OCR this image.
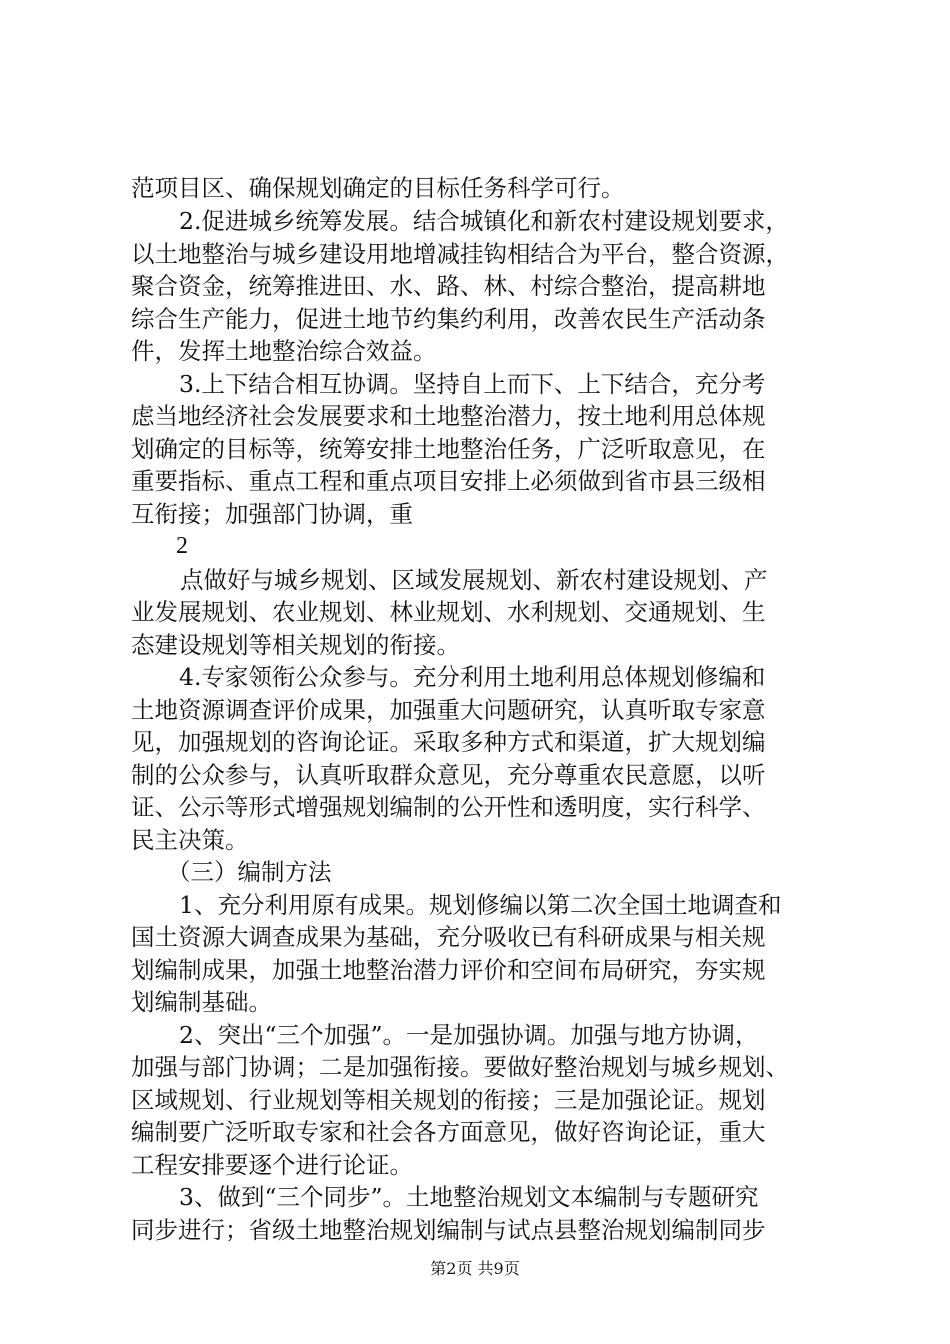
范项目区、确保规划确定的目标任务科学可行。
2.促进城乡统筹发展。结合城镇化和新农村建设规划要求，
以土地整治与城乡建设用地增减挂钩相结合为平台，整合资源，
聚合资金，统筹推进田、水、路、林、村综合整治，提高耕地
综合生产能力，促进土地节约集约利用，改善农民生产活动条
件，发挥土地整治综合效益。
3.上下结合相互协调。坚持自上而下、上下结合，充分考
虑当地经济社会发展要求和土地整治潜力，按土地利用总体规
划确定的目标等，统筹安排土地整治任务，广泛听取意见，在
重要指标、重点工程和重点项目安排上必须做到省市县三级相
互衔接；加强部门协调，重
2
点做好与城乡规划、区域发展规划、新农村建设规划、产
业发展规划、农业规划、林业规划、水利规划、交通规划、生
态建设规划等相关规划的衔接。
4.专家领衔公众参与。充分利用土地利用总体规划修编和
土地资源调查评价成果，加强重大问题研究，认真听取专家意
见，加强规划的咨询论证。采取多种方式和渠道，扩大规划编
制的公众参与，认真听取群众意见，充分尊重农民意愿，以听
证、公示等形式增强规划编制的公开性和透明度，实行科学、
民主决策。
（三）编制方法
1、充分利用原有成果。规划修编以第二次全国土地调查和
国土资源大调查成果为基础，充分吸收已有科研成果与相关规
划编制成果，加强土地整治潜力评价和空间布局研究，夯实规
划编制基础。
2、突出“三个加强”。一是加强协调。加强与地方协调，
加强与部门协调；二是加强衔接。要做好整治规划与城乡规划、
区域规划、行业规划等相关规划的衔接；三是加强论证。规划
编制要广泛听取专家和社会各方面意见，做好咨询论证，重大
工程安排要逐个进行论证。
3、做到“三个同步”。土地整治规划文本编制与专题研究
同步进行；省级土地整治规划编制与试点县整治规划编制同步
第2页 共9页
